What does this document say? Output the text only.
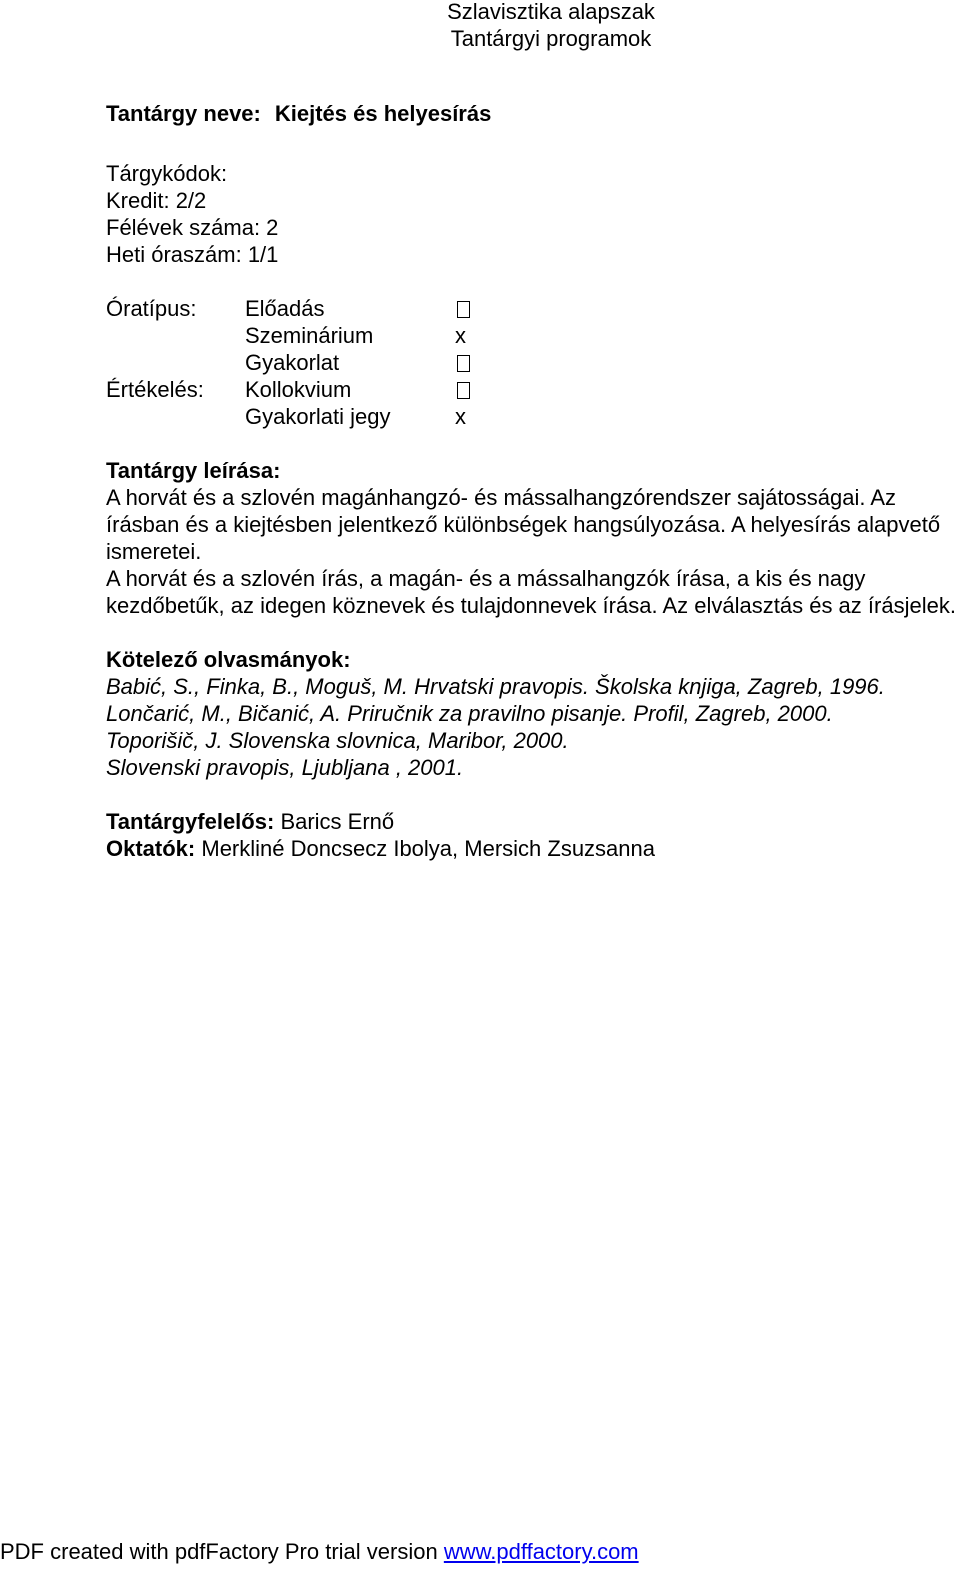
Szlavisztika alapszak
Tantárgyi programok
Tantárgy neve: Kiejtés és helyesírás
Tárgykódok:
Kredit: 2/2
Félévek száma: 2
Heti óraszám: 1/1
Óratípus: Előadás
Szeminárium	x
Gyakorlat
Értékelés: Kollokvium
Gyakorlati jegy	x
Tantárgy leírása:

A horvát és a szlovén magánhangzó- és mássalhangzórendszer sajátosságai. Az írásban és a kiejtésben jelentkező különbségek hangsúlyozása. A helyesírás alapvető ismeretei.

A horvát és a szlovén írás, a magán- és a mássalhangzók írása, a kis és nagy kezdőbetűk, az idegen köznevek és tulajdonnevek írása. Az elválasztás és az írásjelek.

Kötelező olvasmányok:
Babić, S., Finka, B., Moguš, M. Hrvatski pravopis. Školska knjiga, Zagreb, 1996.
Lončarić, M., Bičanić, A. Priručnik za pravilno pisanje. Profil, Zagreb, 2000.
Toporišič, J. Slovenska slovnica, Maribor, 2000.
Slovenski pravopis, Ljubljana , 2001.
Tantárgyfelelős: Barics Ernő
Oktatók: Merkliné Doncsecz Ibolya, Mersich Zsuzsanna
PDF created with pdfFactory Pro trial version www.pdffactory.com
